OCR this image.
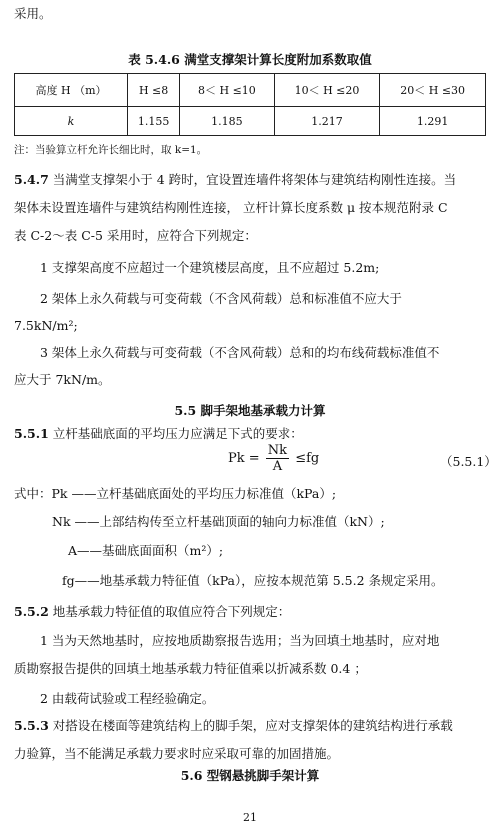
采用。
表 5.4.6 满堂支撑架计算长度附加系数取值
高度 H （m）	H ≤8	8＜ H ≤10	10＜ H ≤20	20＜ H ≤30
k	1.155	1.185	1.217	1.291
注：当验算立杆允许长细比时，取 k=1。
5.4.7 当满堂支撑架小于 4 跨时，宜设置连墙件将架体与建筑结构刚性连接。当
架体未设置连墙件与建筑结构刚性连接， 立杆计算长度系数 μ 按本规范附录 C
表 C-2～表 C-5 采用时，应符合下列规定：
1 支撑架高度不应超过一个建筑楼层高度，且不应超过 5.2m;
2 架体上永久荷载与可变荷载（不含风荷载）总和标准值不应大于
7.5kN/m²;
3 架体上永久荷载与可变荷载（不含风荷载）总和的均布线荷载标准值不
应大于 7kN/m。
5.5 脚手架地基承载力计算
5.5.1 立杆基础底面的平均压力应满足下式的要求：
$Pk = \frac{Nk}{A} \le fg$	（5.5.1）
式中：Pk ——立杆基础底面处的平均压力标准值（kPa）;
Nk ——上部结构传至立杆基础顶面的轴向力标准值（kN）;
A——基础底面面积（m²）;
fg——地基承载力特征值（kPa），应按本规范第 5.5.2 条规定采用。
5.5.2 地基承载力特征值的取值应符合下列规定：
1 当为天然地基时，应按地质勘察报告选用；当为回填土地基时，应对地
质勘察报告提供的回填土地基承载力特征值乘以折减系数 0.4 ；
2 由载荷试验或工程经验确定。
5.5.3 对搭设在楼面等建筑结构上的脚手架，应对支撑架体的建筑结构进行承载
力验算，当不能满足承载力要求时应采取可靠的加固措施。
5.6 型钢悬挑脚手架计算
21
